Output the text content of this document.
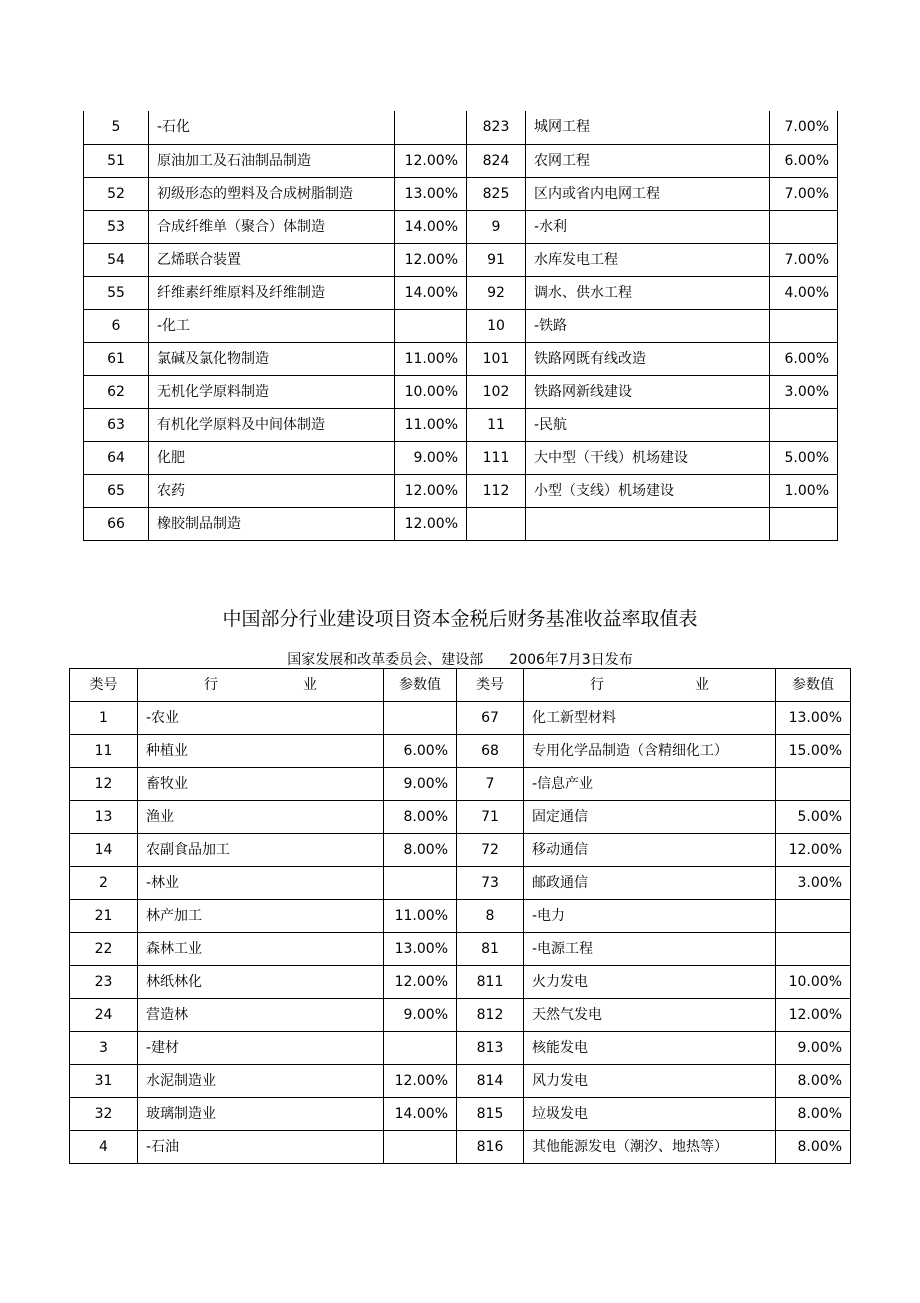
5	-石化		823	城网工程	7.00%
51	原油加工及石油制品制造	12.00%	824	农网工程	6.00%
52	初级形态的塑料及合成树脂制造	13.00%	825	区内或省内电网工程	7.00%
53	合成纤维单（聚合）体制造	14.00%	9	-水利	
54	乙烯联合装置	12.00%	91	水库发电工程	7.00%
55	纤维素纤维原料及纤维制造	14.00%	92	调水、供水工程	4.00%
6	-化工		10	-铁路	
61	氯碱及氯化物制造	11.00%	101	铁路网既有线改造	6.00%
62	无机化学原料制造	10.00%	102	铁路网新线建设	3.00%
63	有机化学原料及中间体制造	11.00%	11	-民航	
64	化肥	9.00%	111	大中型（干线）机场建设	5.00%
65	农药	12.00%	112	小型（支线）机场建设	1.00%
66	橡胶制品制造	12.00%			
中国部分行业建设项目资本金税后财务基准收益率取值表
国家发展和改革委员会、建设部 2006年7月3日发布
类号	行 业	参数值	类号	行 业	参数值
1	-农业		67	化工新型材料	13.00%
11	种植业	6.00%	68	专用化学品制造（含精细化工）	15.00%
12	畜牧业	9.00%	7	-信息产业	
13	渔业	8.00%	71	固定通信	5.00%
14	农副食品加工	8.00%	72	移动通信	12.00%
2	-林业		73	邮政通信	3.00%
21	林产加工	11.00%	8	-电力	
22	森林工业	13.00%	81	-电源工程	
23	林纸林化	12.00%	811	火力发电	10.00%
24	营造林	9.00%	812	天然气发电	12.00%
3	-建材		813	核能发电	9.00%
31	水泥制造业	12.00%	814	风力发电	8.00%
32	玻璃制造业	14.00%	815	垃圾发电	8.00%
4	-石油		816	其他能源发电（潮汐、地热等）	8.00%
